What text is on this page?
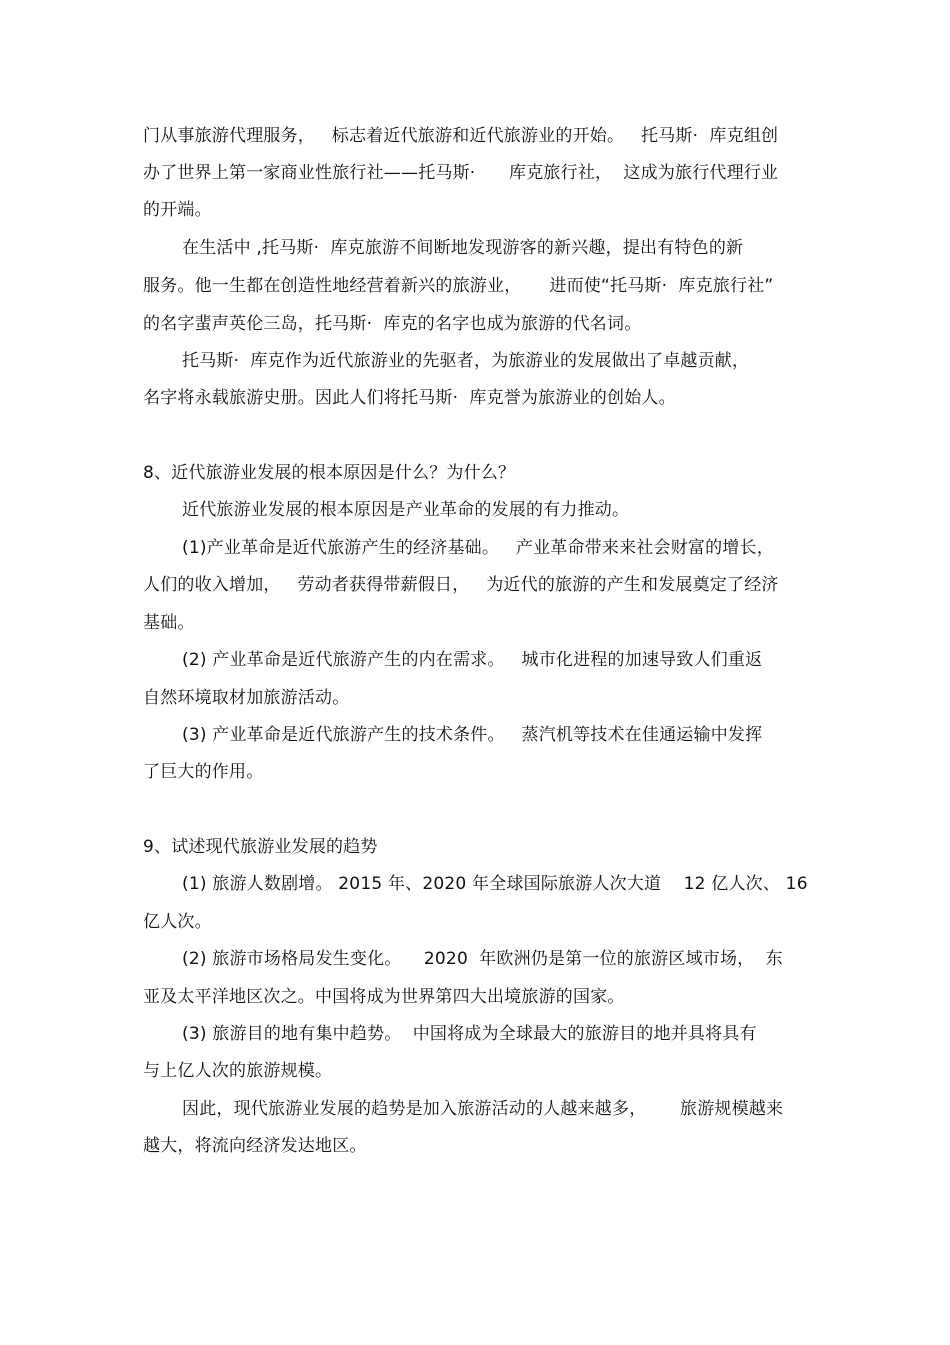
门从事旅游代理服务，   标志着近代旅游和近代旅游业的开始。   托马斯·  库克组创
办了世界上第一家商业性旅行社——托马斯·      库克旅行社，  这成为旅行代理行业
的开端。
在生活中 ,托马斯·  库克旅游不间断地发现游客的新兴趣，提出有特色的新
服务。他一生都在创造性地经营着新兴的旅游业，     进而使“托马斯·  库克旅行社”
的名字蜚声英伦三岛，托马斯·  库克的名字也成为旅游的代名词。
托马斯·  库克作为近代旅游业的先驱者，为旅游业的发展做出了卓越贡献，
名字将永载旅游史册。因此人们将托马斯·  库克誉为旅游业的创始人。
8、近代旅游业发展的根本原因是什么？为什么？
近代旅游业发展的根本原因是产业革命的发展的有力推动。
(1)产业革命是近代旅游产生的经济基础。   产业革命带来来社会财富的增长，
人们的收入增加，   劳动者获得带薪假日，   为近代的旅游的产生和发展奠定了经济
基础。
(2) 产业革命是近代旅游产生的内在需求。   城市化进程的加速导致人们重返
自然环境取材加旅游活动。
(3) 产业革命是近代旅游产生的技术条件。   蒸汽机等技术在佳通运输中发挥
了巨大的作用。
9、试述现代旅游业发展的趋势
(1) 旅游人数剧增。 2015 年、2020 年全球国际旅游人次大道    12 亿人次、 16
亿人次。
(2) 旅游市场格局发生变化。    2020  年欧洲仍是第一位的旅游区域市场，  东
亚及太平洋地区次之。中国将成为世界第四大出境旅游的国家。
(3) 旅游目的地有集中趋势。  中国将成为全球最大的旅游目的地并具将具有
与上亿人次的旅游规模。
因此，现代旅游业发展的趋势是加入旅游活动的人越来越多，      旅游规模越来
越大，将流向经济发达地区。
